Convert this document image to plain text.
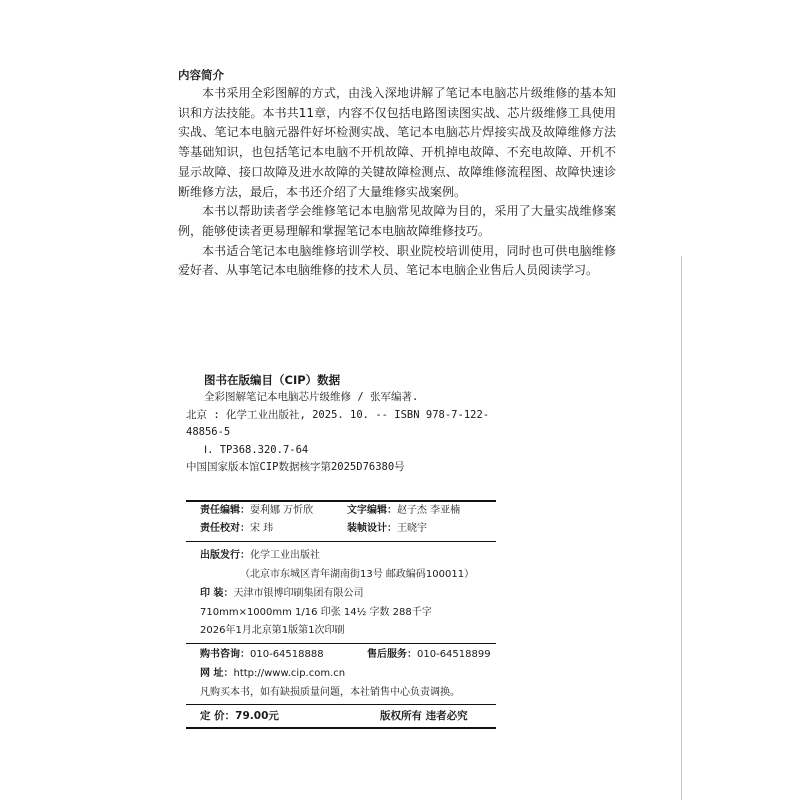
内容简介

本书采用全彩图解的方式，由浅入深地讲解了笔记本电脑芯片级维修的基本知识和方法技能。本书共11章，内容不仅包括电路图读图实战、芯片级维修工具使用实战、笔记本电脑元器件好坏检测实战、笔记本电脑芯片焊接实战及故障维修方法等基础知识，也包括笔记本电脑不开机故障、开机掉电故障、不充电故障、开机不显示故障、接口故障及进水故障的关键故障检测点、故障维修流程图、故障快速诊断维修方法，最后，本书还介绍了大量维修实战案例。

本书以帮助读者学会维修笔记本电脑常见故障为目的，采用了大量实战维修案例，能够使读者更易理解和掌握笔记本电脑故障维修技巧。

本书适合笔记本电脑维修培训学校、职业院校培训使用，同时也可供电脑维修爱好者、从事笔记本电脑维修的技术人员、笔记本电脑企业售后人员阅读学习。

图书在版编目（CIP）数据
全彩图解笔记本电脑芯片级维修 / 张军编著.
北京 : 化学工业出版社, 2025. 10. -- ISBN 978-7-122-
48856-5
Ⅰ. TP368.320.7-64
中国国家版本馆CIP数据核字第2025D76380号
责任编辑：耍利娜 万忻欣	文字编辑：赵子杰 李亚楠
责任校对：宋 玮	装帧设计：王晓宇
出版发行：化学工业出版社
（北京市东城区青年湖南街13号 邮政编码100011）
印 装：天津市银博印刷集团有限公司
710mm×1000mm 1/16 印张 14½ 字数 288千字
2026年1月北京第1版第1次印刷
购书咨询：010-64518888	售后服务：010-64518899
网 址：http://www.cip.com.cn
凡购买本书，如有缺损质量问题，本社销售中心负责调换。
定 价：79.00元	版权所有 违者必究
